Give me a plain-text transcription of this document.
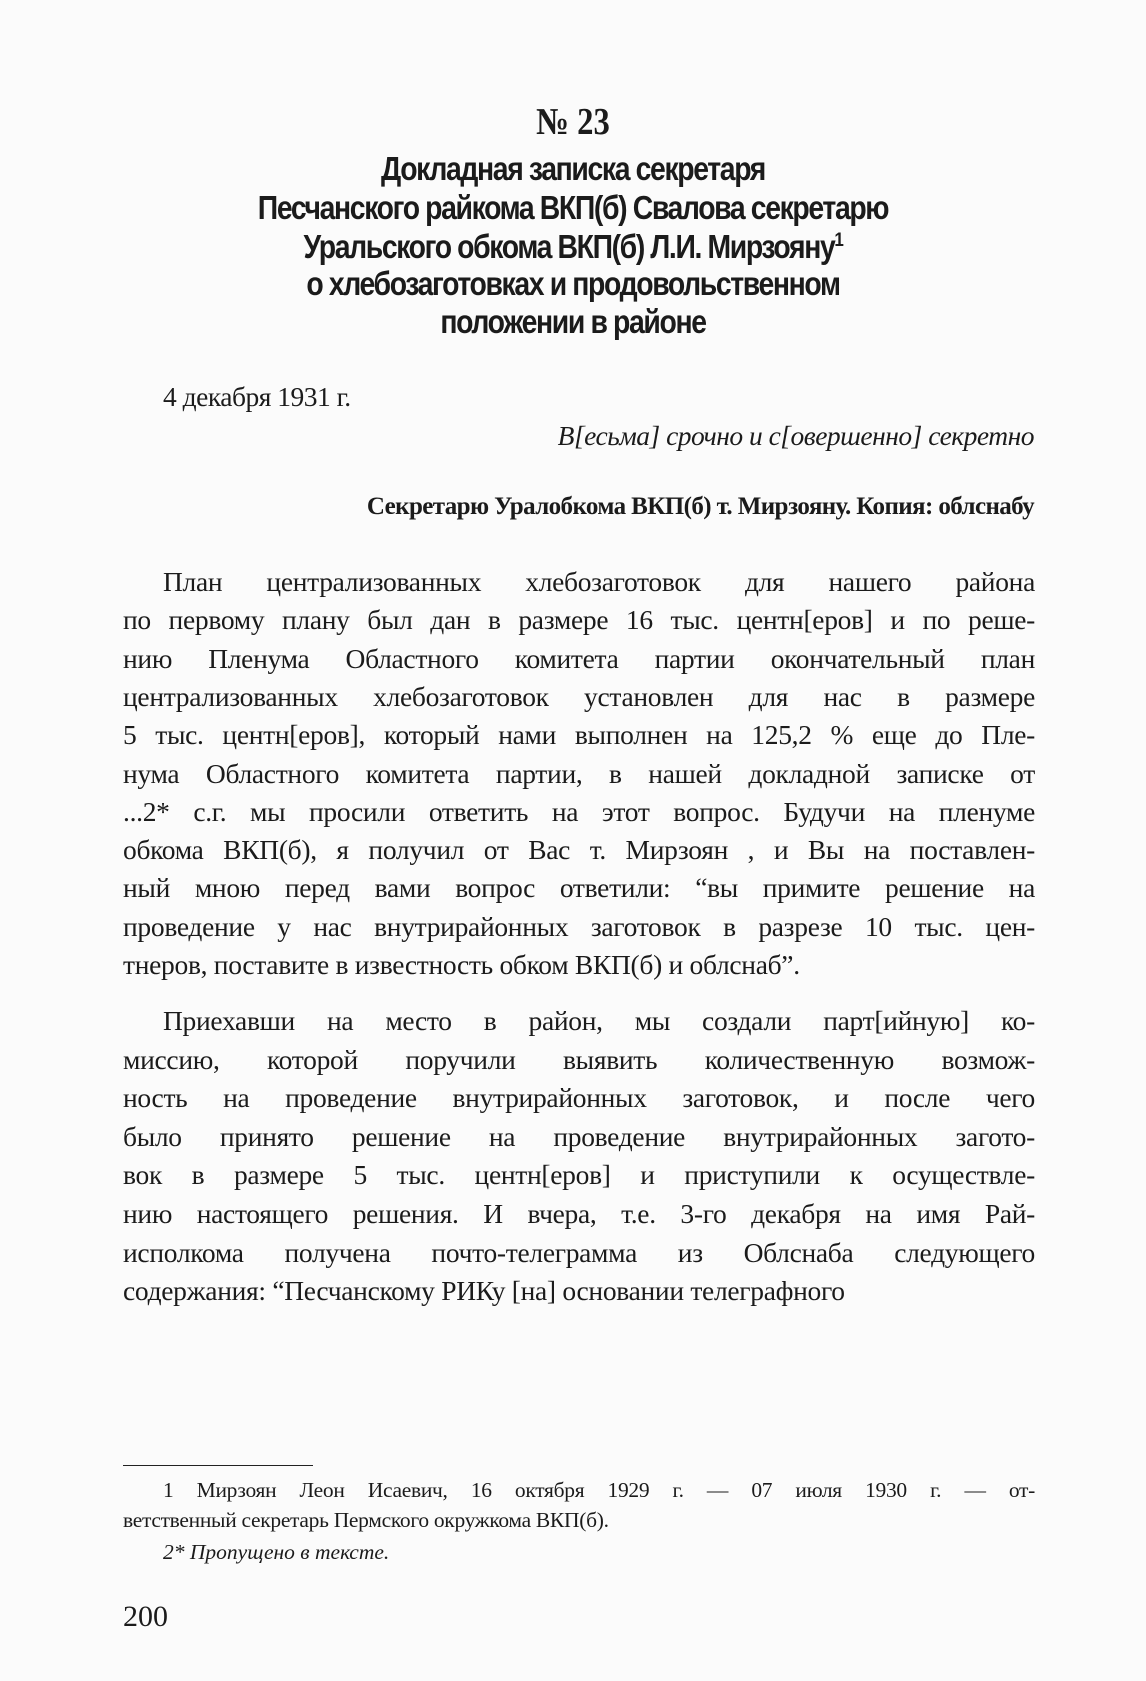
№ 23
Докладная записка секретаря
Песчанского райкома ВКП(б) Свалова секретарю
Уральского обкома ВКП(б) Л.И. Мирзояну$^1$
о хлебозаготовках и продовольственном
положении в районе
4 декабря 1931 г.
В[есьма] срочно и с[овершенно] секретно
Секретарю Уралобкома ВКП(б) т. Мирзояну. Копия: облснабу
План централизованных хлебозаготовок для нашего района
по первому плану был дан в размере 16 тыс. центн[еров] и по реше-
нию Пленума Областного комитета партии окончательный план
централизованных хлебозаготовок установлен для нас в размере
5 тыс. центн[еров], который нами выполнен на 125,2 % еще до Пле-
нума Областного комитета партии, в нашей докладной записке от
...2* с.г. мы просили ответить на этот вопрос. Будучи на пленуме
обкома ВКП(б), я получил от Вас т. Мирзоян , и Вы на поставлен-
ный мною перед вами вопрос ответили: “вы примите решение на
проведение у нас внутрирайонных заготовок в разрезе 10 тыс. цен-
тнеров, поставите в известность обком ВКП(б) и облснаб”.
Приехавши на место в район, мы создали парт[ийную] ко-
миссию, которой поручили выявить количественную возмож-
ность на проведение внутрирайонных заготовок, и после чего
было принято решение на проведение внутрирайонных загото-
вок в размере 5 тыс. центн[еров] и приступили к осуществле-
нию настоящего решения. И вчера, т.е. 3-го декабря на имя Рай-
исполкома получена почто-телеграмма из Облснаба следующего
содержания: “Песчанскому РИКу [на] основании телеграфного
1 Мирзоян Леон Исаевич, 16 октября 1929 г. — 07 июля 1930 г. — от-
ветственный секретарь Пермского окружкома ВКП(б).
2* Пропущено в тексте.
200
